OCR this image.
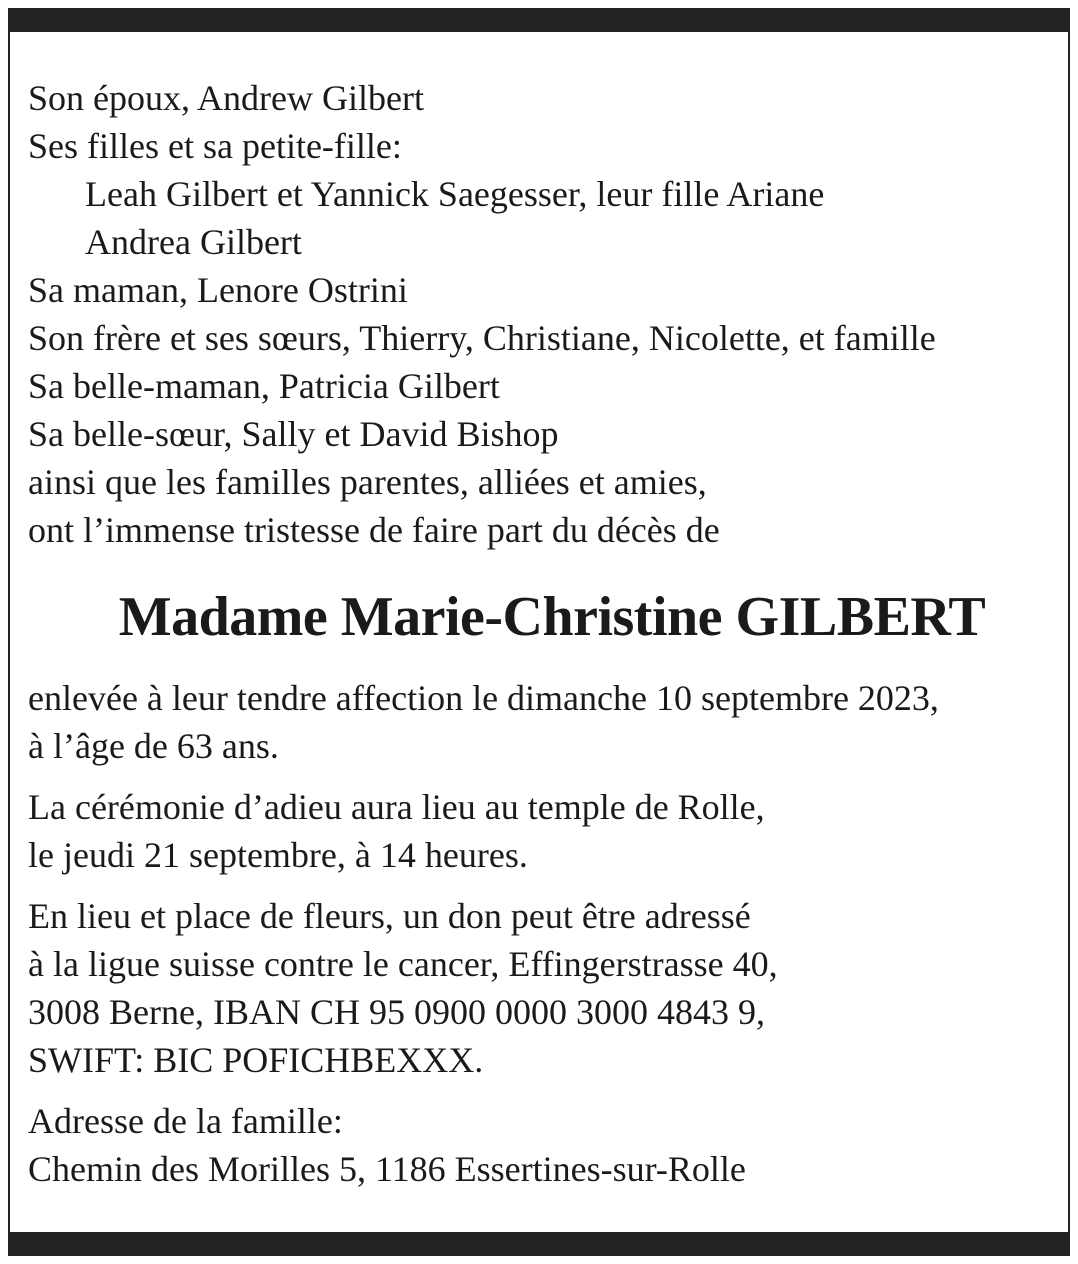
Son époux, Andrew Gilbert
Ses filles et sa petite-fille:
Leah Gilbert et Yannick Saegesser, leur fille Ariane
Andrea Gilbert
Sa maman, Lenore Ostrini
Son frère et ses sœurs, Thierry, Christiane, Nicolette, et famille
Sa belle-maman, Patricia Gilbert
Sa belle-sœur, Sally et David Bishop
ainsi que les familles parentes, alliées et amies,
ont l’immense tristesse de faire part du décès de
Madame Marie-Christine GILBERT
enlevée à leur tendre affection le dimanche 10 septembre 2023,
à l’âge de 63 ans.
La cérémonie d’adieu aura lieu au temple de Rolle,
le jeudi 21 septembre, à 14 heures.
En lieu et place de fleurs, un don peut être adressé
à la ligue suisse contre le cancer, Effingerstrasse 40,
3008 Berne, IBAN CH 95 0900 0000 3000 4843 9,
SWIFT: BIC POFICHBEXXX.
Adresse de la famille:
Chemin des Morilles 5, 1186 Essertines-sur-Rolle
